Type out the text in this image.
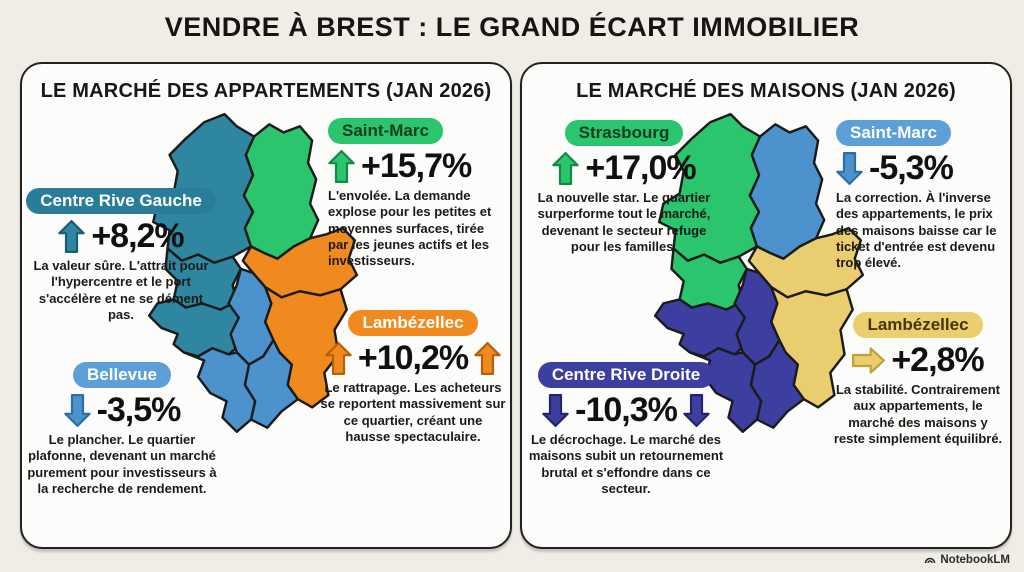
VENDRE À BREST : LE GRAND ÉCART IMMOBILIER
LE MARCHÉ DES APPARTEMENTS (JAN 2026)
Centre Rive Gauche
+8,2%
La valeur sûre. L'attrait pour l'hypercentre et le port s'accélère et ne se dément pas.
Saint-Marc
+15,7%
L'envolée. La demande explose pour les petites et moyennes surfaces, tirée par les jeunes actifs et les investisseurs.
Bellevue
-3,5%
Le plancher. Le quartier plafonne, devenant un marché purement pour investisseurs à la recherche de rendement.
Lambézellec
+10,2%
Le rattrapage. Les acheteurs se reportent massivement sur ce quartier, créant une hausse spectaculaire.
LE MARCHÉ DES MAISONS (JAN 2026)
Strasbourg
+17,0%
La nouvelle star. Le quartier surperforme tout le marché, devenant le secteur refuge pour les familles.
Saint-Marc
-5,3%
La correction. À l'inverse des appartements, le prix des maisons baisse car le ticket d'entrée est devenu trop élevé.
Centre Rive Droite
-10,3%
Le décrochage. Le marché des maisons subit un retournement brutal et s'effondre dans ce secteur.
Lambézellec
+2,8%
La stabilité. Contrairement aux appartements, le marché des maisons y reste simplement équilibré.
NotebookLM
